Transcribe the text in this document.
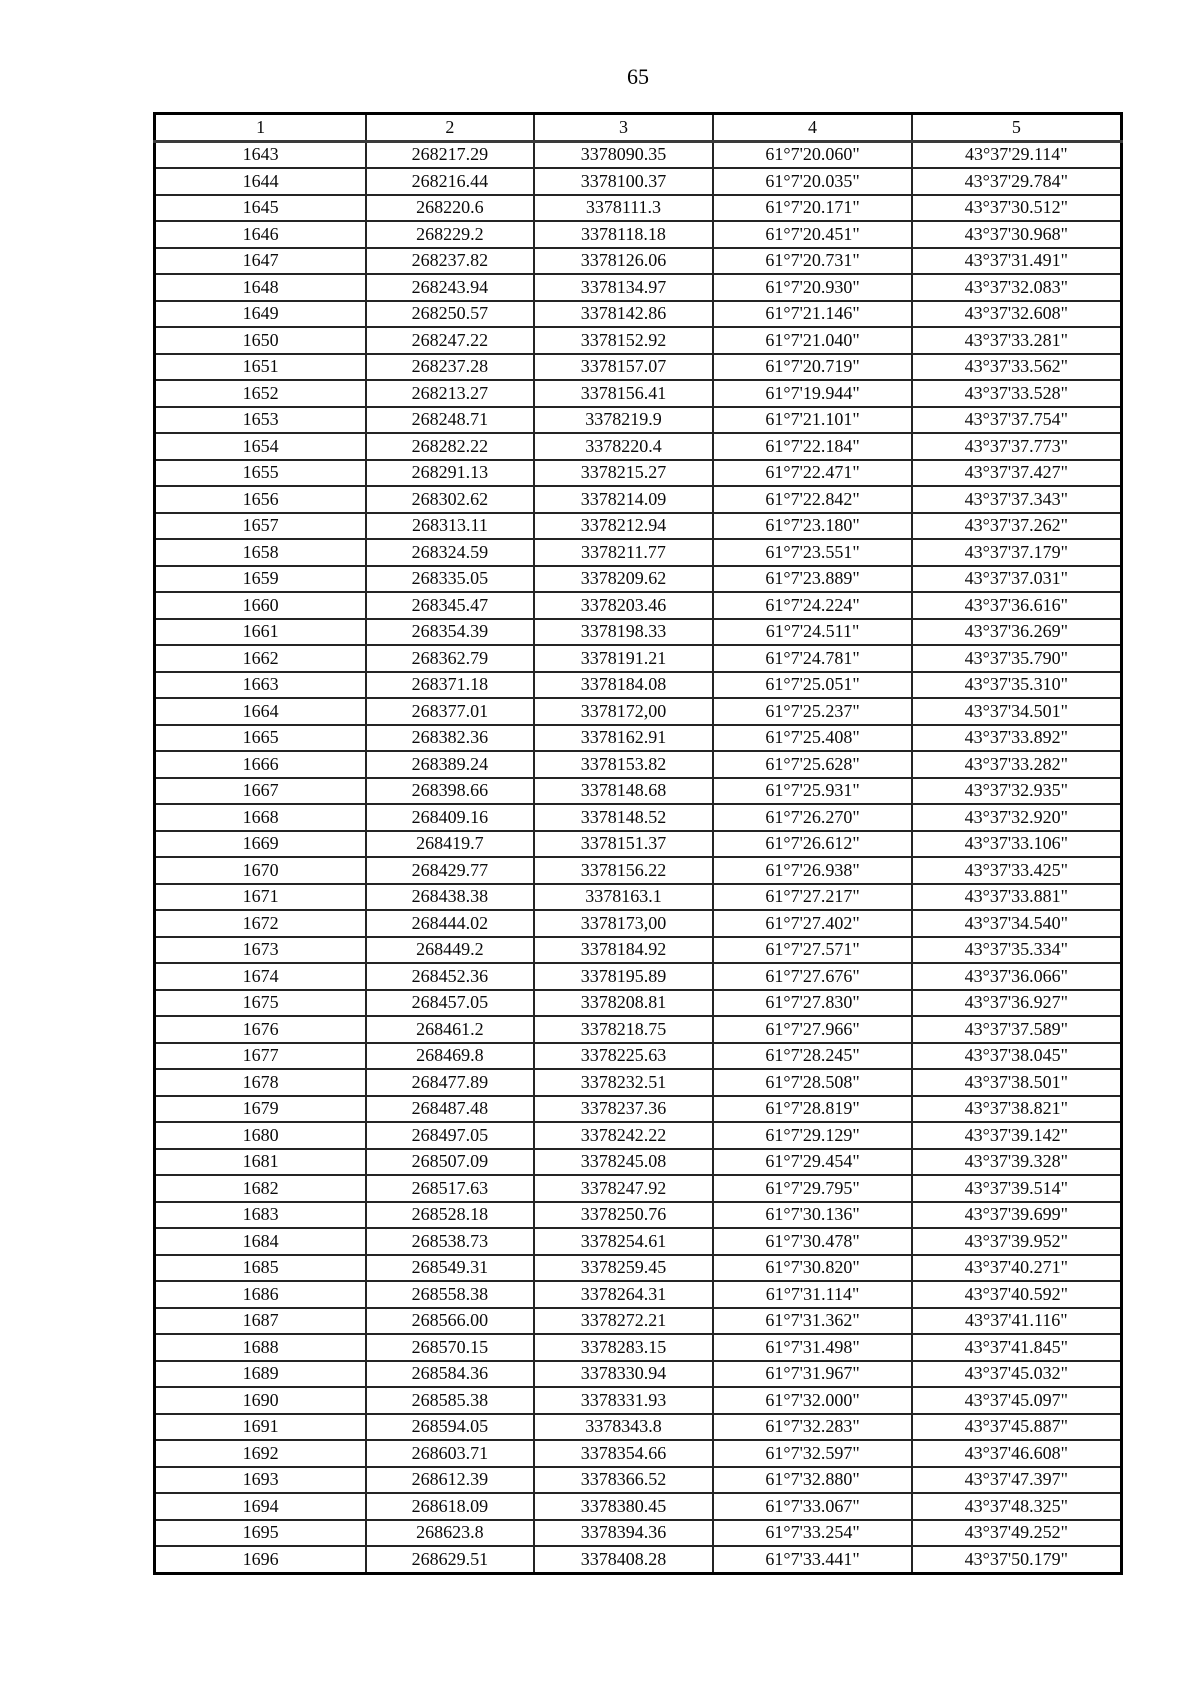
65
1	2	3	4	5
1643	268217.29	3378090.35	61°7'20.060"	43°37'29.114"
1644	268216.44	3378100.37	61°7'20.035"	43°37'29.784"
1645	268220.6	3378111.3	61°7'20.171"	43°37'30.512"
1646	268229.2	3378118.18	61°7'20.451"	43°37'30.968"
1647	268237.82	3378126.06	61°7'20.731"	43°37'31.491"
1648	268243.94	3378134.97	61°7'20.930"	43°37'32.083"
1649	268250.57	3378142.86	61°7'21.146"	43°37'32.608"
1650	268247.22	3378152.92	61°7'21.040"	43°37'33.281"
1651	268237.28	3378157.07	61°7'20.719"	43°37'33.562"
1652	268213.27	3378156.41	61°7'19.944"	43°37'33.528"
1653	268248.71	3378219.9	61°7'21.101"	43°37'37.754"
1654	268282.22	3378220.4	61°7'22.184"	43°37'37.773"
1655	268291.13	3378215.27	61°7'22.471"	43°37'37.427"
1656	268302.62	3378214.09	61°7'22.842"	43°37'37.343"
1657	268313.11	3378212.94	61°7'23.180"	43°37'37.262"
1658	268324.59	3378211.77	61°7'23.551"	43°37'37.179"
1659	268335.05	3378209.62	61°7'23.889"	43°37'37.031"
1660	268345.47	3378203.46	61°7'24.224"	43°37'36.616"
1661	268354.39	3378198.33	61°7'24.511"	43°37'36.269"
1662	268362.79	3378191.21	61°7'24.781"	43°37'35.790"
1663	268371.18	3378184.08	61°7'25.051"	43°37'35.310"
1664	268377.01	3378172,00	61°7'25.237"	43°37'34.501"
1665	268382.36	3378162.91	61°7'25.408"	43°37'33.892"
1666	268389.24	3378153.82	61°7'25.628"	43°37'33.282"
1667	268398.66	3378148.68	61°7'25.931"	43°37'32.935"
1668	268409.16	3378148.52	61°7'26.270"	43°37'32.920"
1669	268419.7	3378151.37	61°7'26.612"	43°37'33.106"
1670	268429.77	3378156.22	61°7'26.938"	43°37'33.425"
1671	268438.38	3378163.1	61°7'27.217"	43°37'33.881"
1672	268444.02	3378173,00	61°7'27.402"	43°37'34.540"
1673	268449.2	3378184.92	61°7'27.571"	43°37'35.334"
1674	268452.36	3378195.89	61°7'27.676"	43°37'36.066"
1675	268457.05	3378208.81	61°7'27.830"	43°37'36.927"
1676	268461.2	3378218.75	61°7'27.966"	43°37'37.589"
1677	268469.8	3378225.63	61°7'28.245"	43°37'38.045"
1678	268477.89	3378232.51	61°7'28.508"	43°37'38.501"
1679	268487.48	3378237.36	61°7'28.819"	43°37'38.821"
1680	268497.05	3378242.22	61°7'29.129"	43°37'39.142"
1681	268507.09	3378245.08	61°7'29.454"	43°37'39.328"
1682	268517.63	3378247.92	61°7'29.795"	43°37'39.514"
1683	268528.18	3378250.76	61°7'30.136"	43°37'39.699"
1684	268538.73	3378254.61	61°7'30.478"	43°37'39.952"
1685	268549.31	3378259.45	61°7'30.820"	43°37'40.271"
1686	268558.38	3378264.31	61°7'31.114"	43°37'40.592"
1687	268566.00	3378272.21	61°7'31.362"	43°37'41.116"
1688	268570.15	3378283.15	61°7'31.498"	43°37'41.845"
1689	268584.36	3378330.94	61°7'31.967"	43°37'45.032"
1690	268585.38	3378331.93	61°7'32.000"	43°37'45.097"
1691	268594.05	3378343.8	61°7'32.283"	43°37'45.887"
1692	268603.71	3378354.66	61°7'32.597"	43°37'46.608"
1693	268612.39	3378366.52	61°7'32.880"	43°37'47.397"
1694	268618.09	3378380.45	61°7'33.067"	43°37'48.325"
1695	268623.8	3378394.36	61°7'33.254"	43°37'49.252"
1696	268629.51	3378408.28	61°7'33.441"	43°37'50.179"
